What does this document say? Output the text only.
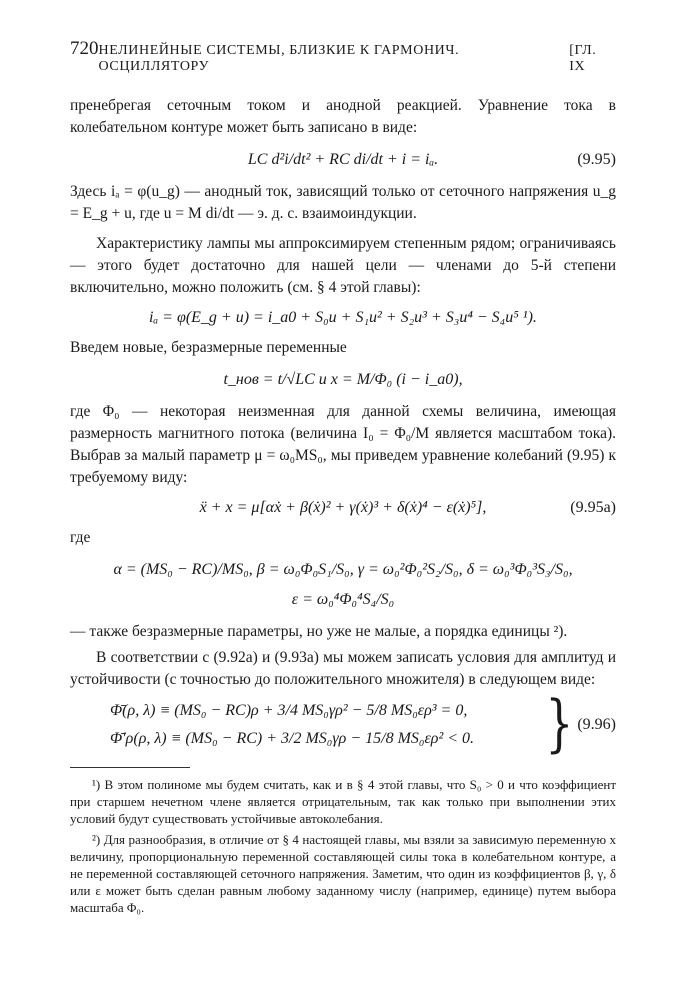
720 НЕЛИНЕЙНЫЕ СИСТЕМЫ, БЛИЗКИЕ К ГАРМОНИЧ. ОСЦИЛЛЯТОРУ
[ГЛ. IX

пренебрегая сеточным током и анодной реакцией. Уравнение тока в колебательном контуре может быть записано в виде:

LC d²i/dt² + RC di/dt + i = iₐ.	(9.95)

Здесь iₐ = φ(u_g) — анодный ток, зависящий только от сеточного напряжения u_g = E_g + u, где u = M di/dt — э. д. с. взаимоиндукции.

Характеристику лампы мы аппроксимируем степенным рядом; ограничиваясь — этого будет достаточно для нашей цели — членами до 5-й степени включительно, можно положить (см. § 4 этой главы):

iₐ = φ(E_g + u) = i_a0 + S₀u + S₁u² + S₂u³ + S₃u⁴ − S₄u⁵ ¹).

Введем новые, безразмерные переменные

t_нов = t/√LC и x = M/Φ₀ (i − i_a0),

где Φ₀ — некоторая неизменная для данной схемы величина, имеющая размерность магнитного потока (величина I₀ = Φ₀/M является масштабом тока). Выбрав за малый параметр μ = ω₀MS₀, мы приведем уравнение колебаний (9.95) к требуемому виду:

ẍ + x = μ[αẋ + β(ẋ)² + γ(ẋ)³ + δ(ẋ)⁴ − ε(ẋ)⁵],	(9.95а)

где

α = (MS₀ − RC)/MS₀, β = ω₀Φ₀S₁/S₀, γ = ω₀²Φ₀²S₂/S₀, δ = ω₀³Φ₀³S₃/S₀,
ε = ω₀⁴Φ₀⁴S₄/S₀

— также безразмерные параметры, но уже не малые, а порядка единицы ²).

В соответствии с (9.92а) и (9.93а) мы можем записать условия для амплитуд и устойчивости (с точностью до положительного множителя) в следующем виде:

Φ̄(ρ, λ) ≡ (MS₀ − RC)ρ + 3/4 MS₀γρ² − 5/8 MS₀ερ³ = 0,
Φ̄′ρ(ρ, λ) ≡ (MS₀ − RC) + 3/2 MS₀γρ − 15/8 MS₀ερ² < 0.	} (9.96)

¹) В этом полиноме мы будем считать, как и в § 4 этой главы, что S₀ > 0 и что коэффициент при старшем нечетном члене является отрицательным, так как только при выполнении этих условий будут существовать устойчивые автоколебания.

²) Для разнообразия, в отличие от § 4 настоящей главы, мы взяли за зависимую переменную x величину, пропорциональную переменной составляющей силы тока в колебательном контуре, а не переменной составляющей сеточного напряжения. Заметим, что один из коэффициентов β, γ, δ или ε может быть сделан равным любому заданному числу (например, единице) путем выбора масштаба Φ₀.
